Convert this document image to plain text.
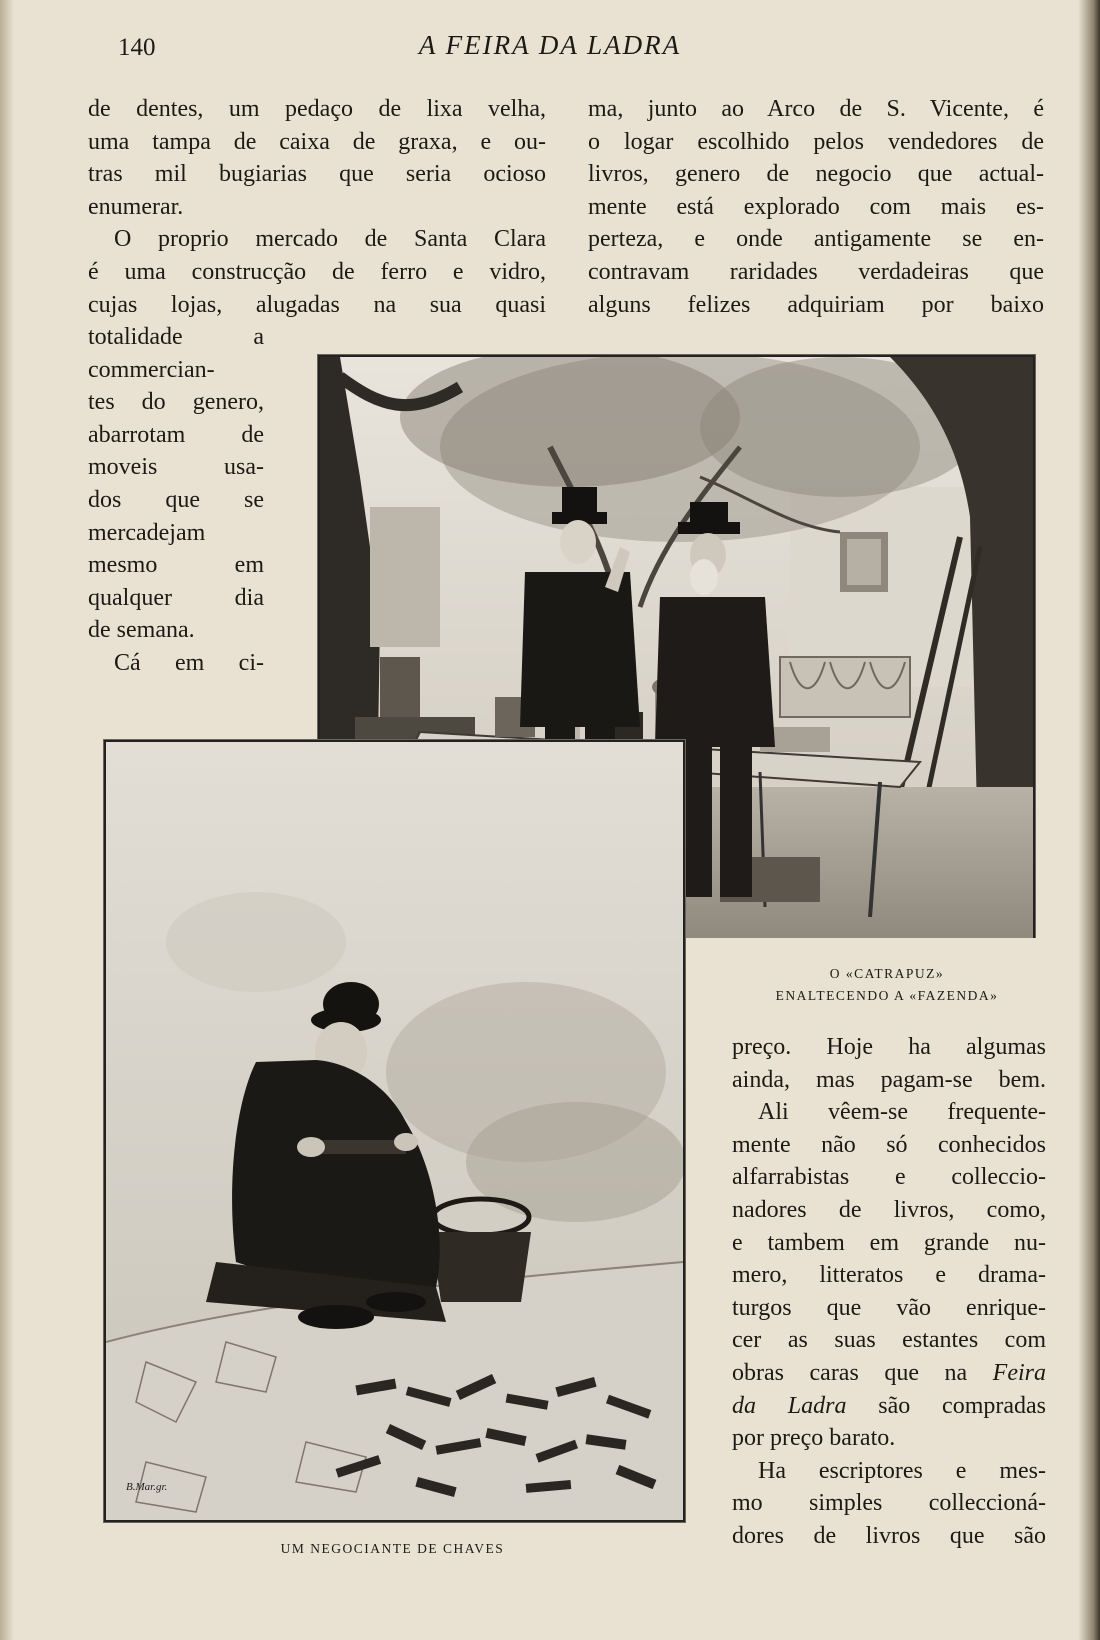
140	A FEIRA DA LADRA
de dentes, um pedaço de lixa velha,
uma tampa de caixa de graxa, e ou-
tras mil bugiarias que seria ocioso
enumerar.
O proprio mercado de Santa Clara
é uma construcção de ferro e vidro,
cujas lojas, alugadas na sua quasi
totalidade a
commercian-
tes do genero,
abarrotam de
moveis usa-
dos que se
mercadejam
mesmo em
qualquer dia
de semana.
Cá em ci-
ma, junto ao Arco de S. Vicente, é
o logar escolhido pelos vendedores de
livros, genero de negocio que actual-
mente está explorado com mais es-
perteza, e onde antigamente se en-
contravam raridades verdadeiras que
alguns felizes adquiriam por baixo
B.Mar.gr.
O «CATRAPUZ»
ENALTECENDO A «FAZENDA»
UM NEGOCIANTE DE CHAVES
preço. Hoje ha algumas
ainda, mas pagam-se bem.
Ali vêem-se frequente-
mente não só conhecidos
alfarrabistas e colleccio-
nadores de livros, como,
e tambem em grande nu-
mero, litteratos e drama-
turgos que vão enrique-
cer as suas estantes com
obras caras que na Feira
da Ladra são compradas
por preço barato.
Ha escriptores e mes-
mo simples colleccioná-
dores de livros que são
